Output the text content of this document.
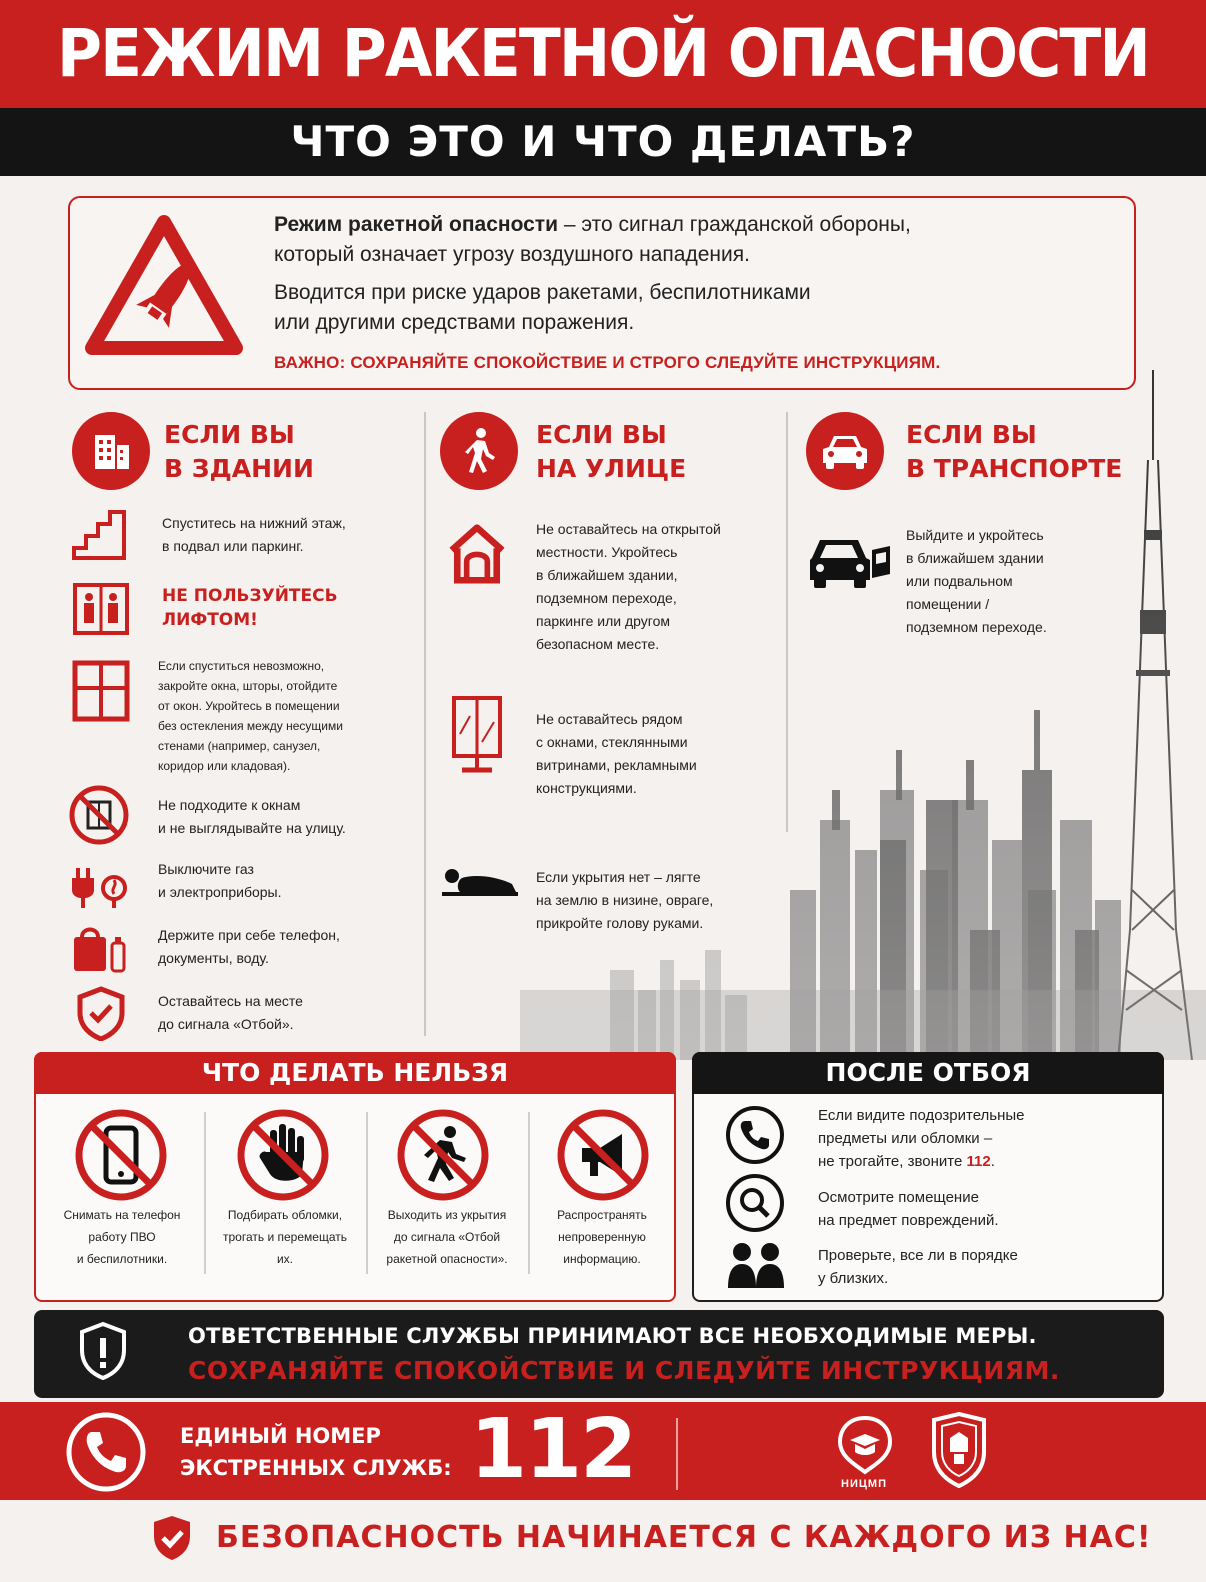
РЕЖИМ РАКЕТНОЙ ОПАСНОСТИ
ЧТО ЭТО И ЧТО ДЕЛАТЬ?
Режим ракетной опасности – это сигнал гражданской обороны,
который означает угрозу воздушного нападения.
Вводится при риске ударов ракетами, беспилотниками
или другими средствами поражения.
ВАЖНО: СОХРАНЯЙТЕ СПОКОЙСТВИЕ И СТРОГО СЛЕДУЙТЕ ИНСТРУКЦИЯМ.
ЕСЛИ ВЫ
В ЗДАНИИ
Спуститесь на нижний этаж,
в подвал или паркинг.
НЕ ПОЛЬЗУЙТЕСЬ
ЛИФТОМ!
Если спуститься невозможно,
закройте окна, шторы, отойдите
от окон. Укройтесь в помещении
без остекления между несущими
стенами (например, санузел,
коридор или кладовая).
Не подходите к окнам
и не выглядывайте на улицу.
Выключите газ
и электроприборы.
Держите при себе телефон,
документы, воду.
Оставайтесь на месте
до сигнала «Отбой».
ЕСЛИ ВЫ
НА УЛИЦЕ
Не оставайтесь на открытой
местности. Укройтесь
в ближайшем здании,
подземном переходе,
паркинге или другом
безопасном месте.
Не оставайтесь рядом
с окнами, стеклянными
витринами, рекламными
конструкциями.
Если укрытия нет – лягте
на землю в низине, овраге,
прикройте голову руками.
ЕСЛИ ВЫ
В ТРАНСПОРТЕ
Выйдите и укройтесь
в ближайшем здании
или подвальном
помещении /
подземном переходе.
ЧТО ДЕЛАТЬ НЕЛЬЗЯ
Снимать на телефон
работу ПВО
и беспилотники.
Подбирать обломки,
трогать и перемещать
их.
Выходить из укрытия
до сигнала «Отбой
ракетной опасности».
Распространять
непроверенную
информацию.
ПОСЛЕ ОТБОЯ
Если видите подозрительные
предметы или обломки –
не трогайте, звоните 112.
Осмотрите помещение
на предмет повреждений.
Проверьте, все ли в порядке
у близких.
ОТВЕТСТВЕННЫЕ СЛУЖБЫ ПРИНИМАЮТ ВСЕ НЕОБХОДИМЫЕ МЕРЫ.
СОХРАНЯЙТЕ СПОКОЙСТВИЕ И СЛЕДУЙТЕ ИНСТРУКЦИЯМ.
ЕДИНЫЙ НОМЕР
ЭКСТРЕННЫХ СЛУЖБ: 112	НИЦМП
БЕЗОПАСНОСТЬ НАЧИНАЕТСЯ С КАЖДОГО ИЗ НАС!
